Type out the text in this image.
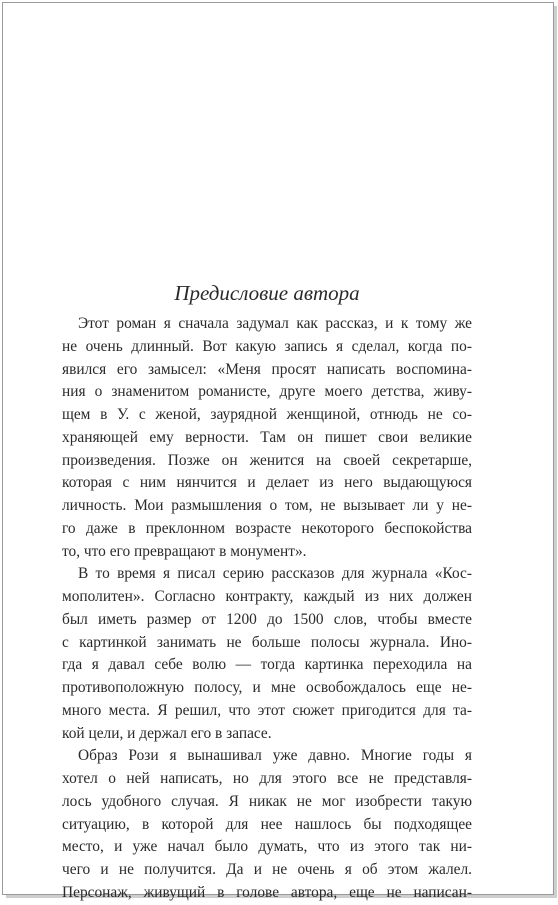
Предисловие автора
Этот роман я сначала задумал как рассказ, и к тому же
не очень длинный. Вот какую запись я сделал, когда по-
явился его замысел: «Меня просят написать воспомина-
ния о знаменитом романисте, друге моего детства, живу-
щем в У. с женой, заурядной женщиной, отнюдь не со-
храняющей ему верности. Там он пишет свои великие
произведения. Позже он женится на своей секретарше,
которая с ним нянчится и делает из него выдающуюся
личность. Мои размышления о том, не вызывает ли у не-
го даже в преклонном возрасте некоторого беспокойства
то, что его превращают в монумент».
В то время я писал серию рассказов для журнала «Кос-
мополитен». Согласно контракту, каждый из них должен
был иметь размер от 1200 до 1500 слов, чтобы вместе
с картинкой занимать не больше полосы журнала. Ино-
гда я давал себе волю — тогда картинка переходила на
противоположную полосу, и мне освобождалось еще не-
много места. Я решил, что этот сюжет пригодится для та-
кой цели, и держал его в запасе.
Образ Рози я вынашивал уже давно. Многие годы я
хотел о ней написать, но для этого все не представля-
лось удобного случая. Я никак не мог изобрести такую
ситуацию, в которой для нее нашлось бы подходящее
место, и уже начал было думать, что из этого так ни-
чего и не получится. Да и не очень я об этом жалел.
Персонаж, живущий в голове автора, еще не написан-
